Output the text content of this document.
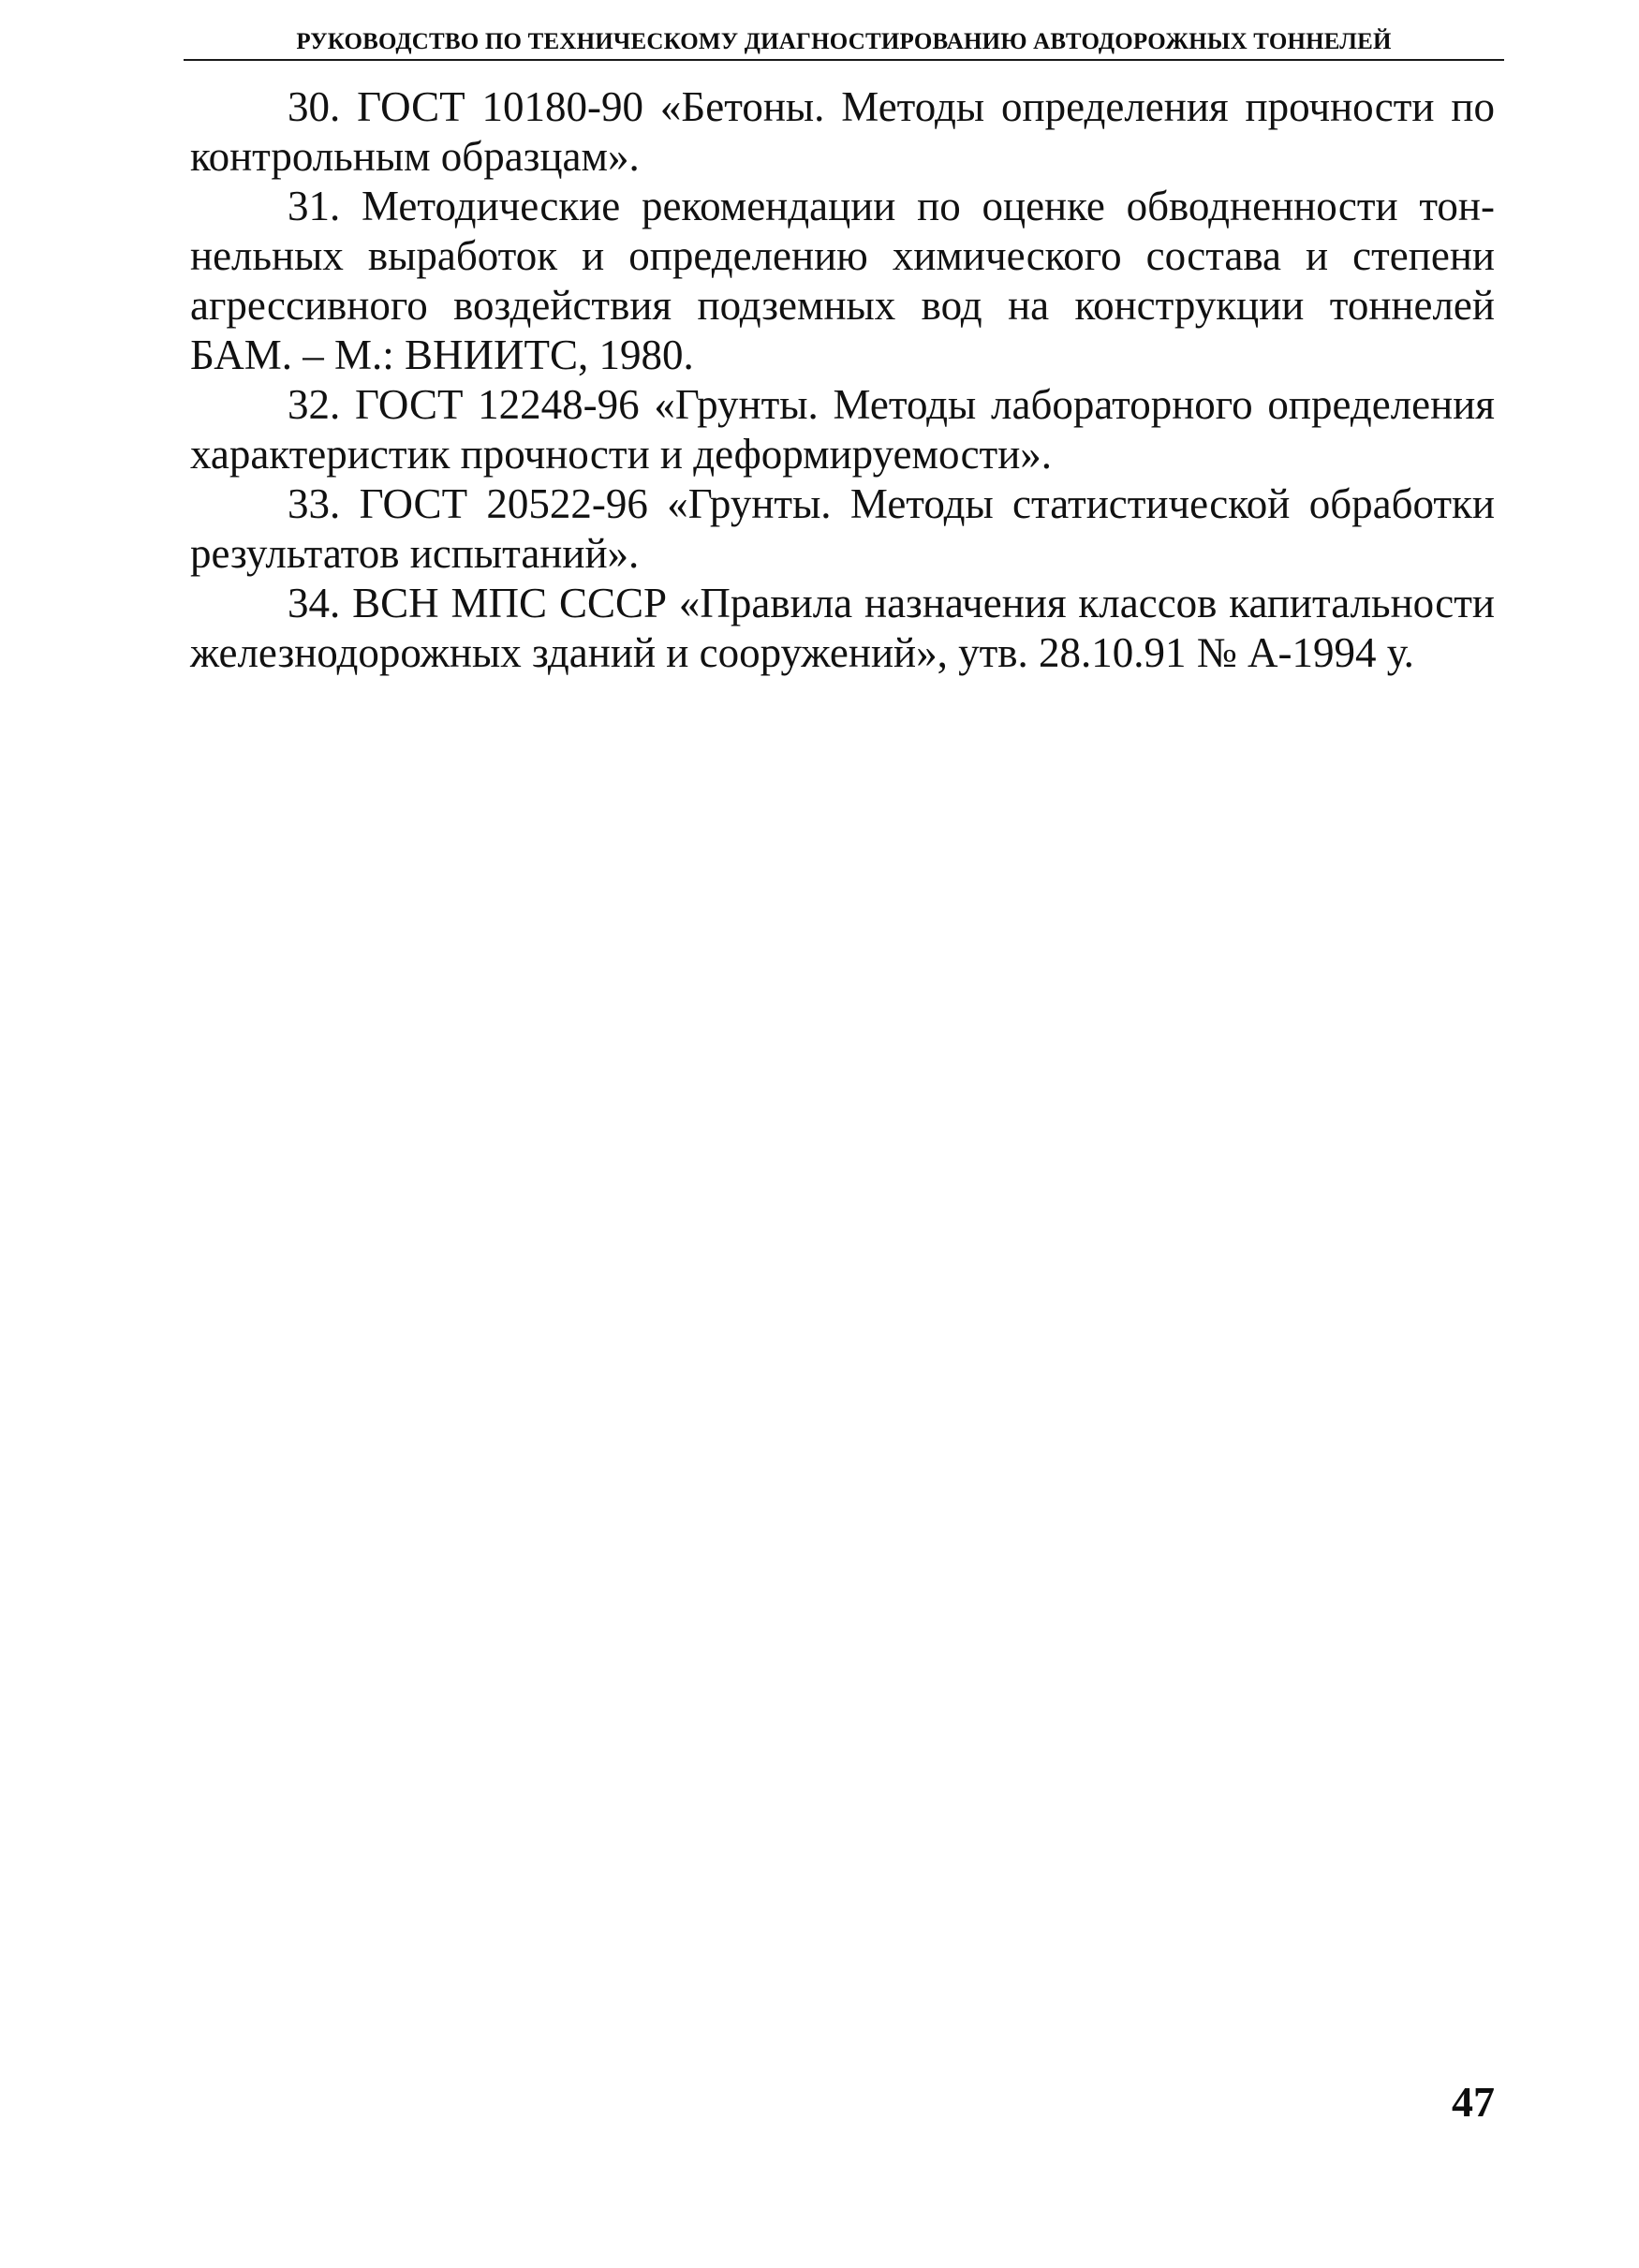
РУКОВОДСТВО ПО ТЕХНИЧЕСКОМУ ДИАГНОСТИРОВАНИЮ АВТОДОРОЖНЫХ ТОННЕЛЕЙ

30. ГОСТ 10180-90 «Бетоны. Методы определения прочности по контрольным образцам».

31. Методические рекомендации по оценке обводненности тоннельных выработок и определению химического состава и степени агрессивного воздействия подземных вод на конструкции тоннелей БАМ. – М.: ВНИИТС, 1980.

32. ГОСТ 12248-96 «Грунты. Методы лабораторного определения характеристик прочности и деформируемости».

33. ГОСТ 20522-96 «Грунты. Методы статистической обработки результатов испытаний».

34. ВСН МПС СССР «Правила назначения классов капитальности железнодорожных зданий и сооружений», утв. 28.10.91 № А-1994 у.

47
